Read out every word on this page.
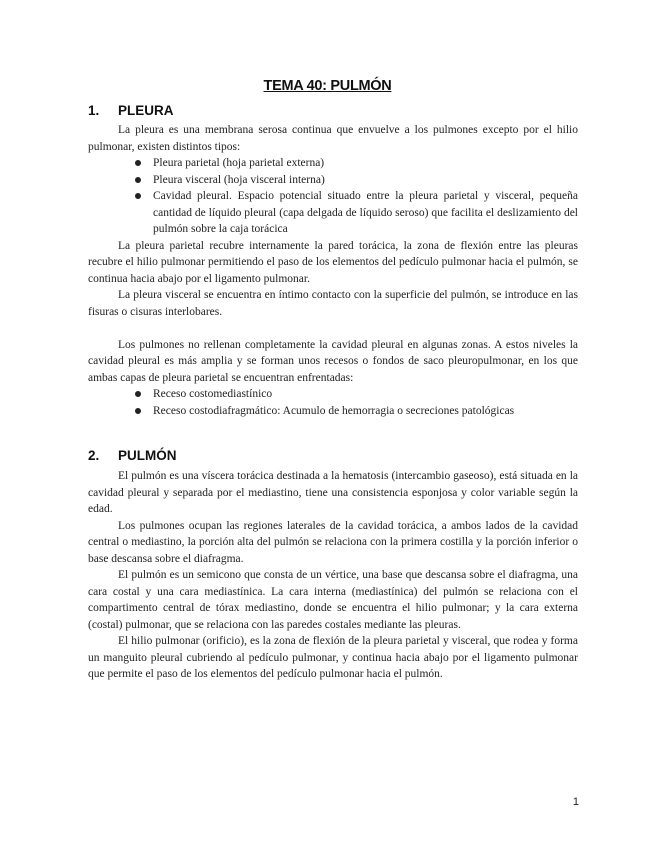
TEMA 40: PULMÓN
1. PLEURA

La pleura es una membrana serosa continua que envuelve a los pulmones excepto por el hilio pulmonar, existen distintos tipos:

Pleura parietal (hoja parietal externa)
Pleura visceral (hoja visceral interna)
Cavidad pleural. Espacio potencial situado entre la pleura parietal y visceral, pequeña cantidad de líquido pleural (capa delgada de líquido seroso) que facilita el deslizamiento del pulmón sobre la caja torácica

La pleura parietal recubre internamente la pared torácica, la zona de flexión entre las pleuras recubre el hilio pulmonar permitiendo el paso de los elementos del pedículo pulmonar hacia el pulmón, se continua hacia abajo por el ligamento pulmonar.

La pleura visceral se encuentra en íntimo contacto con la superficie del pulmón, se introduce en las fisuras o cisuras interlobares.

Los pulmones no rellenan completamente la cavidad pleural en algunas zonas. A estos niveles la cavidad pleural es más amplia y se forman unos recesos o fondos de saco pleuropulmonar, en los que ambas capas de pleura parietal se encuentran enfrentadas:

Receso costomediastínico
Receso costodiafragmático: Acumulo de hemorragia o secreciones patológicas
2. PULMÓN

El pulmón es una víscera torácica destinada a la hematosis (intercambio gaseoso), está situada en la cavidad pleural y separada por el mediastino, tiene una consistencia esponjosa y color variable según la edad.

Los pulmones ocupan las regiones laterales de la cavidad torácica, a ambos lados de la cavidad central o mediastino, la porción alta del pulmón se relaciona con la primera costilla y la porción inferior o base descansa sobre el diafragma.

El pulmón es un semicono que consta de un vértice, una base que descansa sobre el diafragma, una cara costal y una cara mediastínica. La cara interna (mediastínica) del pulmón se relaciona con el compartimento central de tórax mediastino, donde se encuentra el hilio pulmonar; y la cara externa (costal) pulmonar, que se relaciona con las paredes costales mediante las pleuras.

El hilio pulmonar (orificio), es la zona de flexión de la pleura parietal y visceral, que rodea y forma un manguito pleural cubriendo al pedículo pulmonar, y continua hacia abajo por el ligamento pulmonar que permite el paso de los elementos del pedículo pulmonar hacia el pulmón.

1
